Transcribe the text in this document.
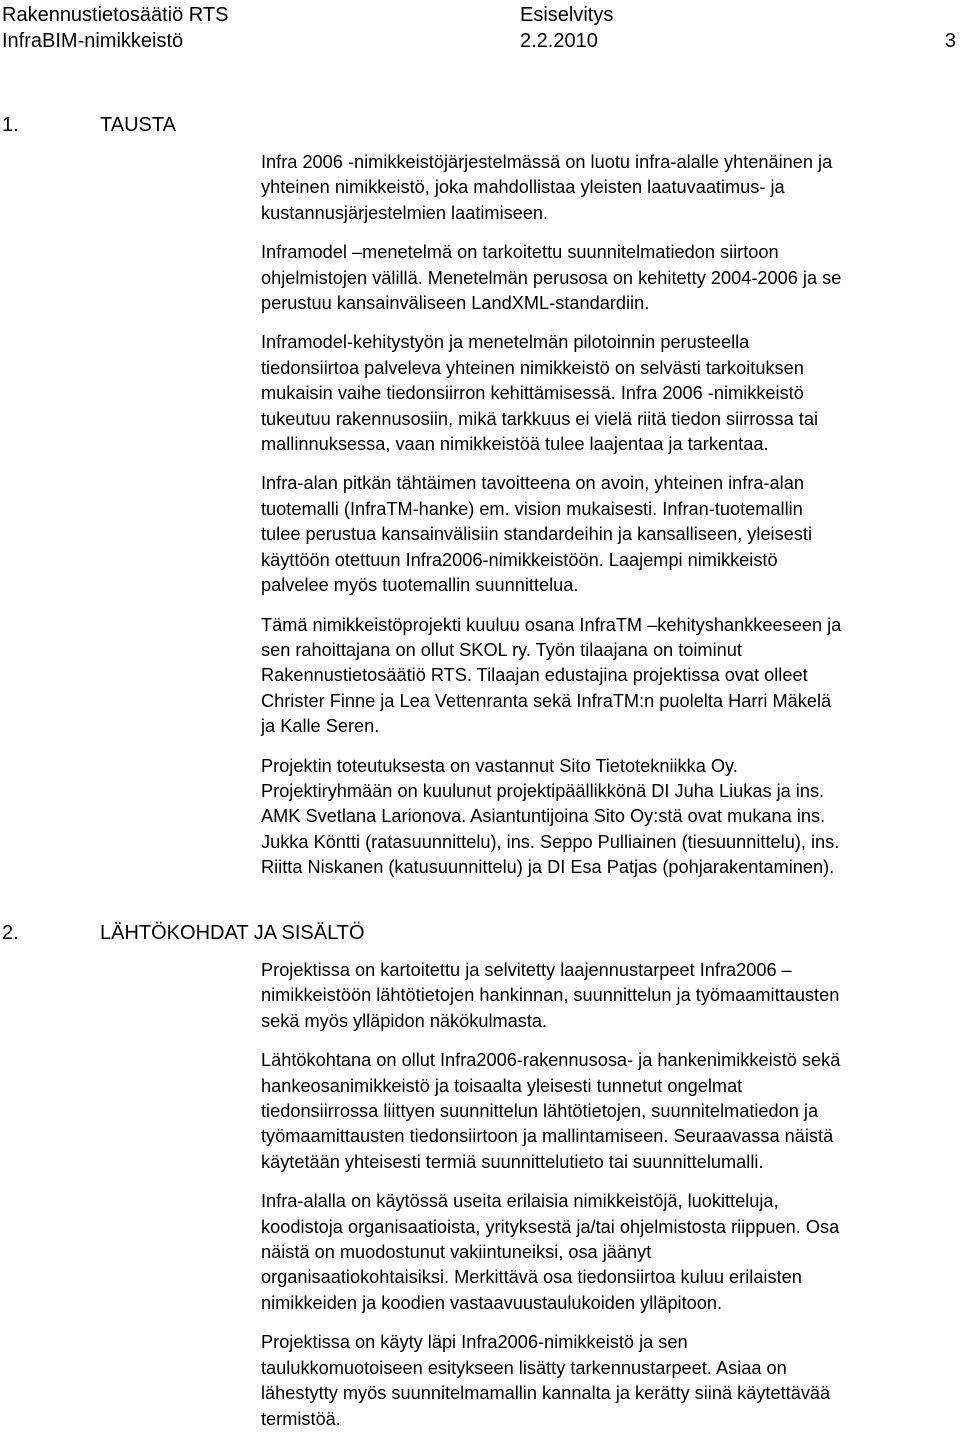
Rakennustietosäätiö RTS
InfraBIM-nimikkeistö
Esiselvitys
2.2.2010	3
1.	TAUSTA

Infra 2006 -nimikkeistöjärjestelmässä on luotu infra-alalle yhtenäinen ja
yhteinen nimikkeistö, joka mahdollistaa yleisten laatuvaatimus- ja
kustannusjärjestelmien laatimiseen.

Inframodel –menetelmä on tarkoitettu suunnitelmatiedon siirtoon
ohjelmistojen välillä. Menetelmän perusosa on kehitetty 2004-2006 ja se
perustuu kansainväliseen LandXML-standardiin.

Inframodel-kehitystyön ja menetelmän pilotoinnin perusteella
tiedonsiirtoa palveleva yhteinen nimikkeistö on selvästi tarkoituksen
mukaisin vaihe tiedonsiirron kehittämisessä. Infra 2006 -nimikkeistö
tukeutuu rakennusosiin, mikä tarkkuus ei vielä riitä tiedon siirrossa tai
mallinnuksessa, vaan nimikkeistöä tulee laajentaa ja tarkentaa.

Infra-alan pitkän tähtäimen tavoitteena on avoin, yhteinen infra-alan
tuotemalli (InfraTM-hanke) em. vision mukaisesti. Infran-tuotemallin
tulee perustua kansainvälisiin standardeihin ja kansalliseen, yleisesti
käyttöön otettuun Infra2006-nimikkeistöön. Laajempi nimikkeistö
palvelee myös tuotemallin suunnittelua.

Tämä nimikkeistöprojekti kuuluu osana InfraTM –kehityshankkeeseen ja
sen rahoittajana on ollut SKOL ry. Työn tilaajana on toiminut
Rakennustietosäätiö RTS. Tilaajan edustajina projektissa ovat olleet
Christer Finne ja Lea Vettenranta sekä InfraTM:n puolelta Harri Mäkelä
ja Kalle Seren.

Projektin toteutuksesta on vastannut Sito Tietotekniikka Oy.
Projektiryhmään on kuulunut projektipäällikkönä DI Juha Liukas ja ins.
AMK Svetlana Larionova. Asiantuntijoina Sito Oy:stä ovat mukana ins.
Jukka Köntti (ratasuunnittelu), ins. Seppo Pulliainen (tiesuunnittelu), ins.
Riitta Niskanen (katusuunnittelu) ja DI Esa Patjas (pohjarakentaminen).

2.	LÄHTÖKOHDAT JA SISÄLTÖ

Projektissa on kartoitettu ja selvitetty laajennustarpeet Infra2006 –
nimikkeistöön lähtötietojen hankinnan, suunnittelun ja työmaamittausten
sekä myös ylläpidon näkökulmasta.

Lähtökohtana on ollut Infra2006-rakennusosa- ja hankenimikkeistö sekä
hankeosanimikkeistö ja toisaalta yleisesti tunnetut ongelmat
tiedonsiirrossa liittyen suunnittelun lähtötietojen, suunnitelmatiedon ja
työmaamittausten tiedonsiirtoon ja mallintamiseen. Seuraavassa näistä
käytetään yhteisesti termiä suunnittelutieto tai suunnittelumalli.

Infra-alalla on käytössä useita erilaisia nimikkeistöjä, luokitteluja,
koodistoja organisaatioista, yrityksestä ja/tai ohjelmistosta riippuen. Osa
näistä on muodostunut vakiintuneiksi, osa jäänyt
organisaatiokohtaisiksi. Merkittävä osa tiedonsiirtoa kuluu erilaisten
nimikkeiden ja koodien vastaavuustaulukoiden ylläpitoon.

Projektissa on käyty läpi Infra2006-nimikkeistö ja sen
taulukkomuotoiseen esitykseen lisätty tarkennustarpeet. Asiaa on
lähestytty myös suunnitelmamallin kannalta ja kerätty siinä käytettävää
termistöä.
